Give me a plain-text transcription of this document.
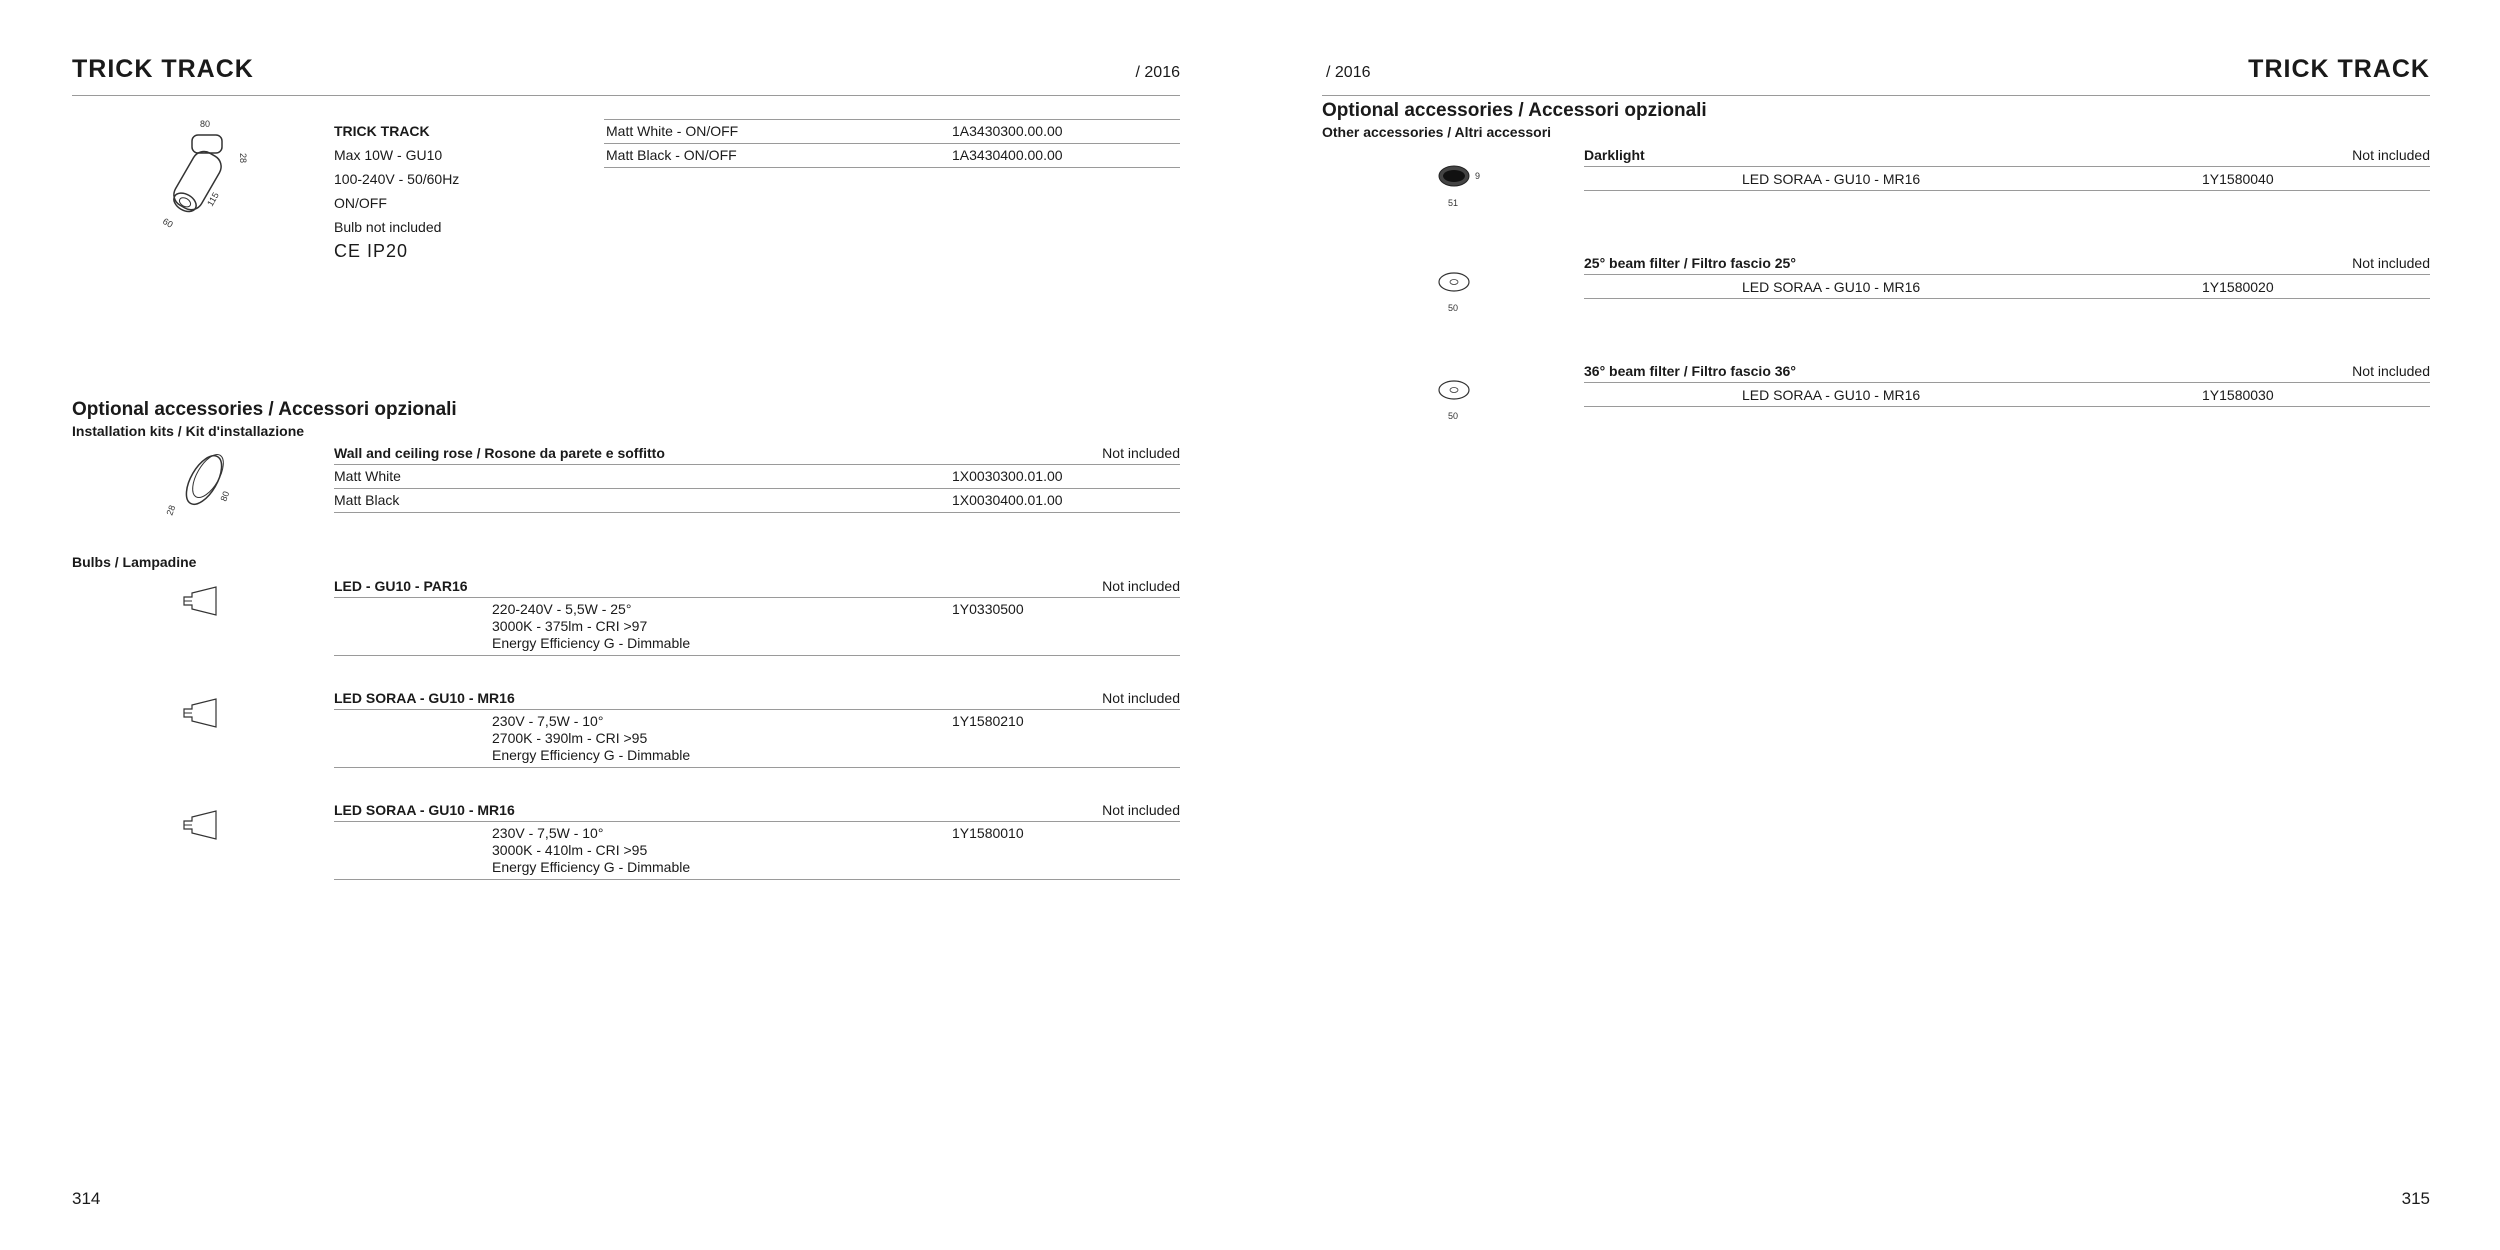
TRICK TRACK	/ 2016
80
28
115
60
TRICK TRACK
Max 10W - GU10
100-240V - 50/60Hz
ON/OFF
Bulb not included
CE IP20
Matt White - ON/OFF	1A3430300.00.00
Matt Black - ON/OFF	1A3430400.00.00
Optional accessories / Accessori opzionali
Installation kits / Kit d'installazione
28
80
Wall and ceiling rose / Rosone da parete e soffitto	Not included
Matt White	1X0030300.01.00
Matt Black	1X0030400.01.00
Bulbs / Lampadine
LED - GU10 - PAR16	Not included
220-240V - 5,5W - 25°
3000K - 375lm - CRI >97
Energy Efficiency G - Dimmable
1Y0330500
LED SORAA - GU10 - MR16	Not included
230V - 7,5W - 10°
2700K - 390lm - CRI >95
Energy Efficiency G - Dimmable
1Y1580210
LED SORAA - GU10 - MR16	Not included
230V - 7,5W - 10°
3000K - 410lm - CRI >95
Energy Efficiency G - Dimmable
1Y1580010
314
/ 2016	TRICK TRACK
Optional accessories / Accessori opzionali
Other accessories / Altri accessori
9
51
Darklight	Not included
LED SORAA - GU10 - MR16	1Y1580040
50
25° beam filter / Filtro fascio 25°	Not included
LED SORAA - GU10 - MR16	1Y1580020
50
36° beam filter / Filtro fascio 36°	Not included
LED SORAA - GU10 - MR16	1Y1580030
315
